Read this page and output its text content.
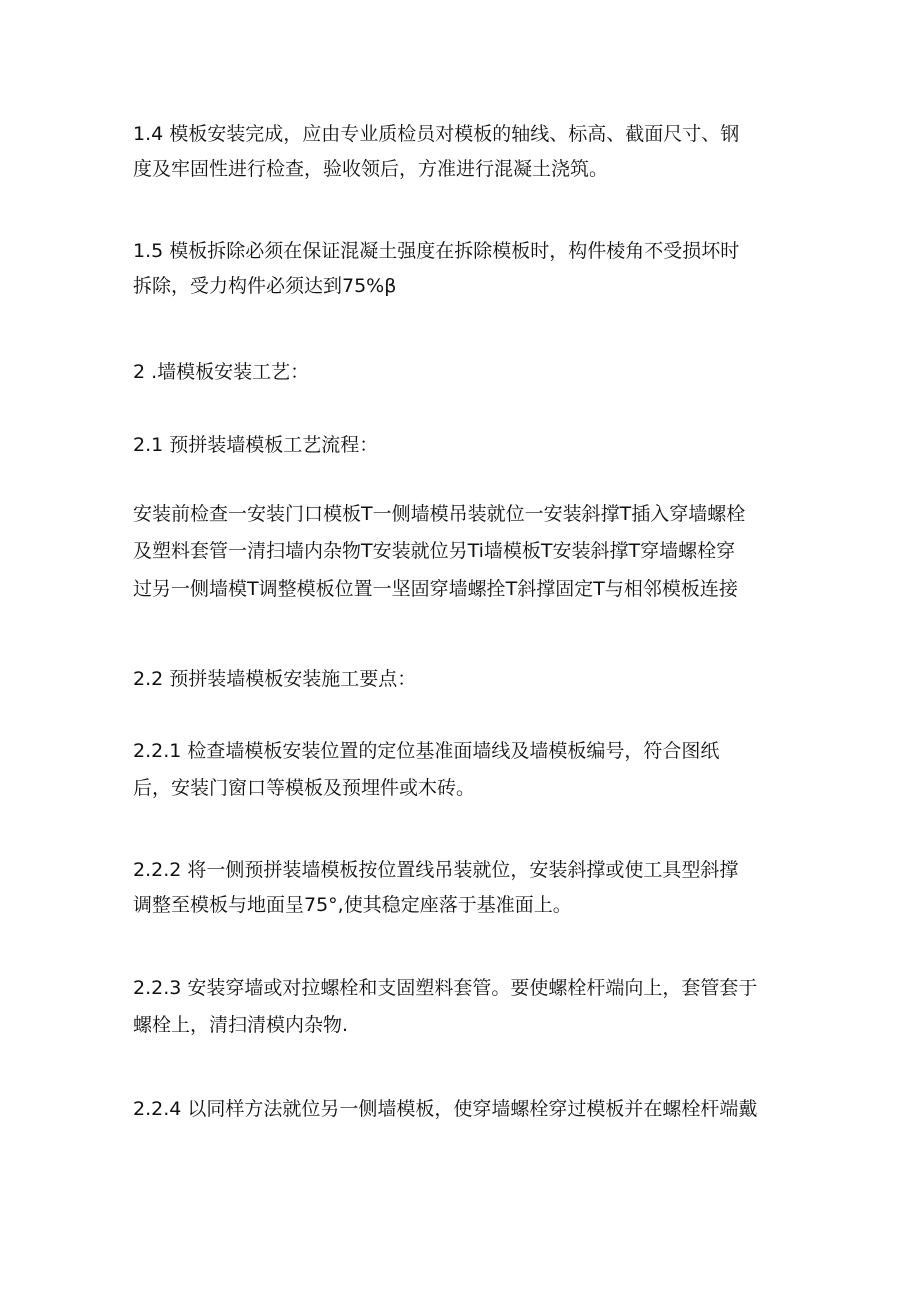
1.4 模板安装完成，应由专业质检员对模板的轴线、标高、截面尺寸、钢
度及牢固性进行检查，验收领后，方准进行混凝土浇筑。

1.5 模板拆除必须在保证混凝土强度在拆除模板时，构件棱角不受损坏时
拆除，受力构件必须达到75%β

2 .墙模板安装工艺：

2.1 预拼装墙模板工艺流程：

安装前检查一安装门口模板T一侧墙模吊装就位一安装斜撑T插入穿墙螺栓
及塑料套管一清扫墙内杂物T安装就位另Ti墙模板T安装斜撑T穿墙螺栓穿
过另一侧墙模T调整模板位置一坚固穿墙螺拴T斜撑固定T与相邻模板连接

2.2 预拼装墙模板安装施工要点：

2.2.1 检查墙模板安装位置的定位基准面墙线及墙模板编号，符合图纸
后，安装门窗口等模板及预埋件或木砖。

2.2.2 将一侧预拼装墙模板按位置线吊装就位，安装斜撑或使工具型斜撑
调整至模板与地面呈75°,使其稳定座落于基准面上。

2.2.3 安装穿墙或对拉螺栓和支固塑料套管。要使螺栓杆端向上，套管套于
螺栓上，清扫清模内杂物.

2.2.4 以同样方法就位另一侧墙模板，使穿墙螺栓穿过模板并在螺栓杆端戴
